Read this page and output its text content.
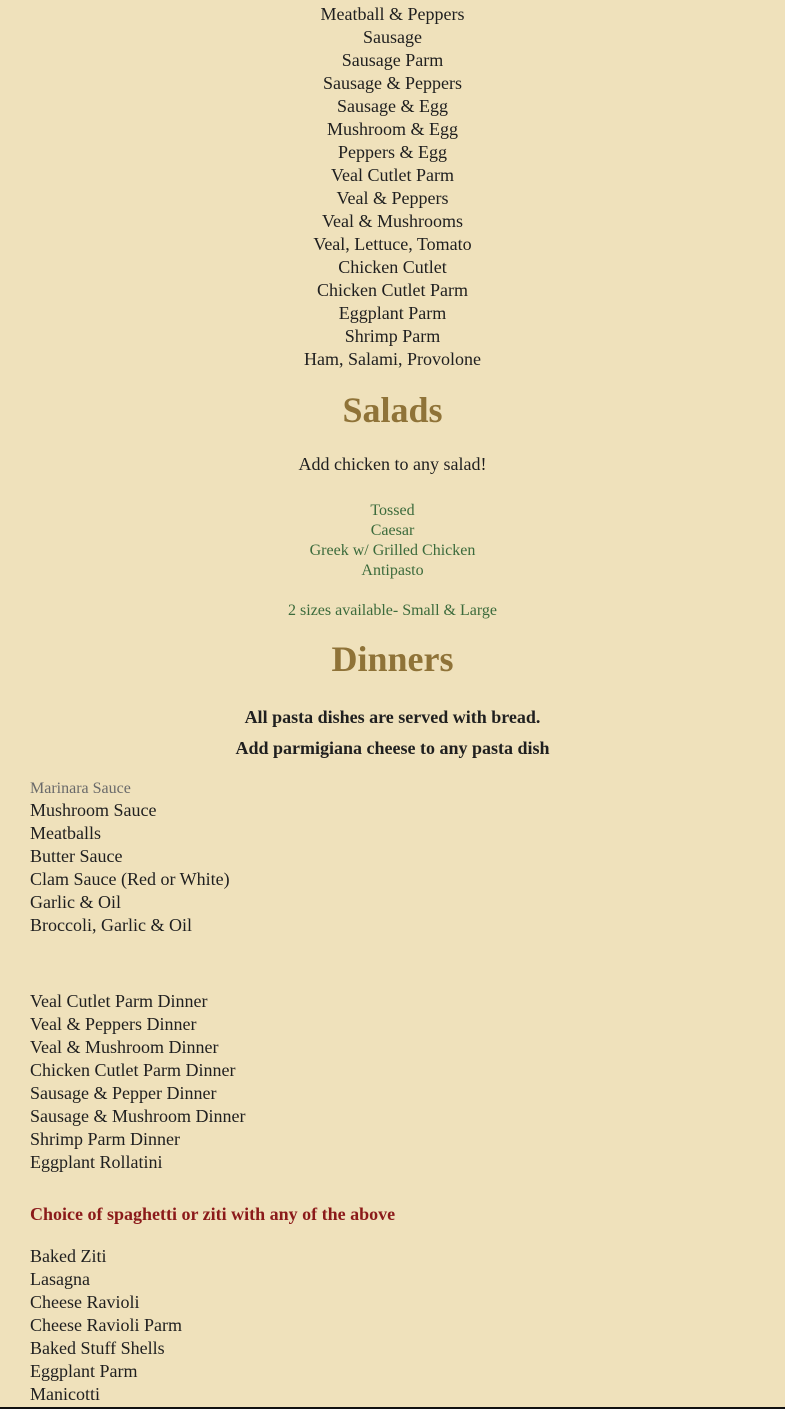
Meatball & Peppers
Sausage
Sausage Parm
Sausage & Peppers
Sausage & Egg
Mushroom & Egg
Peppers & Egg
Veal Cutlet Parm
Veal & Peppers
Veal & Mushrooms
Veal, Lettuce, Tomato
Chicken Cutlet
Chicken Cutlet Parm
Eggplant Parm
Shrimp Parm
Ham, Salami, Provolone
Salads

Add chicken to any salad!

Tossed
Caesar
Greek w/ Grilled Chicken
Antipasto

2 sizes available- Small & Large

Dinners

All pasta dishes are served with bread.

Add parmigiana cheese to any pasta dish

Marinara Sauce

Mushroom Sauce
Meatballs
Butter Sauce
Clam Sauce (Red or White)
Garlic & Oil
Broccoli, Garlic & Oil
Veal Cutlet Parm Dinner
Veal & Peppers Dinner
Veal & Mushroom Dinner
Chicken Cutlet Parm Dinner
Sausage & Pepper Dinner
Sausage & Mushroom Dinner
Shrimp Parm Dinner
Eggplant Rollatini

Choice of spaghetti or ziti with any of the above

Baked Ziti
Lasagna
Cheese Ravioli
Cheese Ravioli Parm
Baked Stuff Shells
Eggplant Parm
Manicotti
